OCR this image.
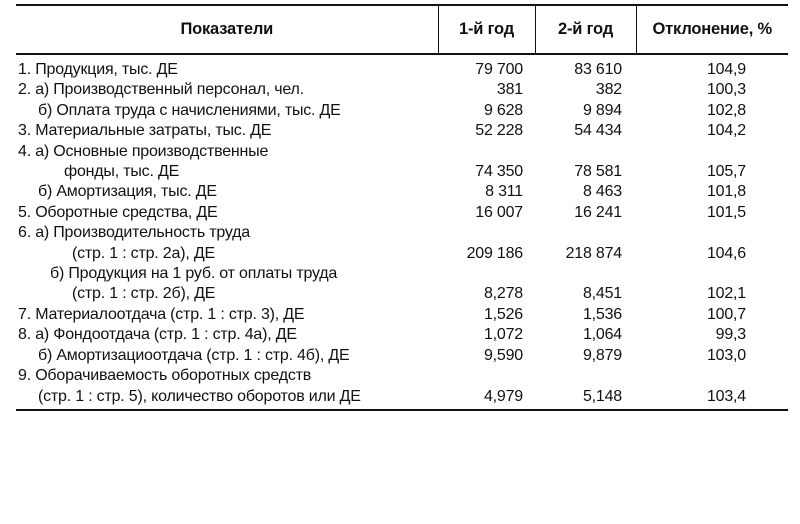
Показатели	1-й год	2-й год	Отклонение, %
1. Продукция, тыс. ДЕ	79 700	83 610	104,9
2. а) Производственный персонал, чел.	381	382	100,3
б) Оплата труда с начислениями, тыс. ДЕ	9 628	9 894	102,8
3. Материальные затраты, тыс. ДЕ	52 228	54 434	104,2
4. а) Основные производственные			
фонды, тыс. ДЕ	74 350	78 581	105,7
б) Амортизация, тыс. ДЕ	8 311	8 463	101,8
5. Оборотные средства, ДЕ	16 007	16 241	101,5
6. а) Производительность труда			
(стр. 1 : стр. 2а), ДЕ	209 186	218 874	104,6
б) Продукция на 1 руб. от оплаты труда			
(стр. 1 : стр. 2б), ДЕ	8,278	8,451	102,1
7. Материалоотдача (стр. 1 : стр. 3), ДЕ	1,526	1,536	100,7
8. а) Фондоотдача (стр. 1 : стр. 4а), ДЕ	1,072	1,064	99,3
б) Амортизациоотдача (стр. 1 : стр. 4б), ДЕ	9,590	9,879	103,0
9. Оборачиваемость оборотных средств			
(стр. 1 : стр. 5), количество оборотов или ДЕ	4,979	5,148	103,4
